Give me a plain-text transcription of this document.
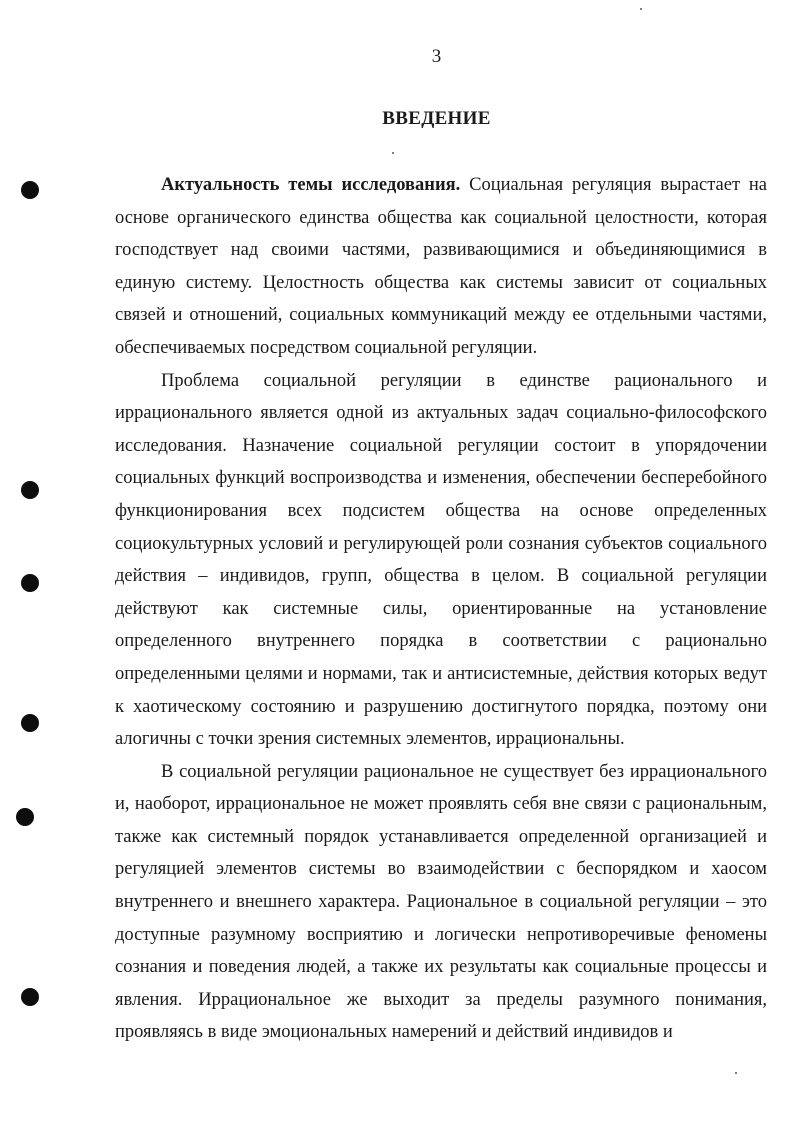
3
ВВЕДЕНИЕ

Актуальность темы исследования. Социальная регуляция вырастает на основе органического единства общества как социальной целостности, которая господствует над своими частями, развивающимися и объединяющимися в единую систему. Целостность общества как системы зависит от социальных связей и отношений, социальных коммуникаций между ее отдельными частями, обеспечиваемых посредством социальной регуляции.

Проблема социальной регуляции в единстве рационального и иррационального является одной из актуальных задач социально-философского исследования. Назначение социальной регуляции состоит в упорядочении социальных функций воспроизводства и изменения, обеспечении бесперебойного функционирования всех подсистем общества на основе определенных социокультурных условий и регулирующей роли сознания субъектов социального действия – индивидов, групп, общества в целом. В социальной регуляции действуют как системные силы, ориентированные на установление определенного внутреннего порядка в соответствии с рационально определенными целями и нормами, так и антисистемные, действия которых ведут к хаотическому состоянию и разрушению достигнутого порядка, поэтому они алогичны с точки зрения системных элементов, иррациональны.

В социальной регуляции рациональное не существует без иррационального и, наоборот, иррациональное не может проявлять себя вне связи с рациональным, также как системный порядок устанавливается определенной организацией и регуляцией элементов системы во взаимодействии с беспорядком и хаосом внутреннего и внешнего характера. Рациональное в социальной регуляции – это доступные разумному восприятию и логически непротиворечивые феномены сознания и поведения людей, а также их результаты как социальные процессы и явления. Иррациональное же выходит за пределы разумного понимания, проявляясь в виде эмоциональных намерений и действий индивидов и
